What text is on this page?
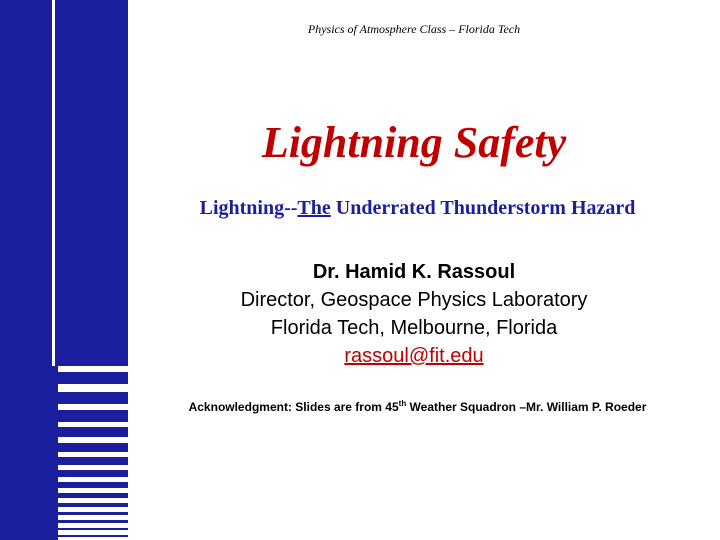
Physics of Atmosphere Class – Florida Tech
Lightning Safety
Lightning--The Underrated Thunderstorm Hazard
Dr. Hamid K. Rassoul
Director, Geospace Physics Laboratory
Florida Tech, Melbourne, Florida
rassoul@fit.edu
Acknowledgment: Slides are from 45th Weather Squadron –Mr. William P. Roeder
